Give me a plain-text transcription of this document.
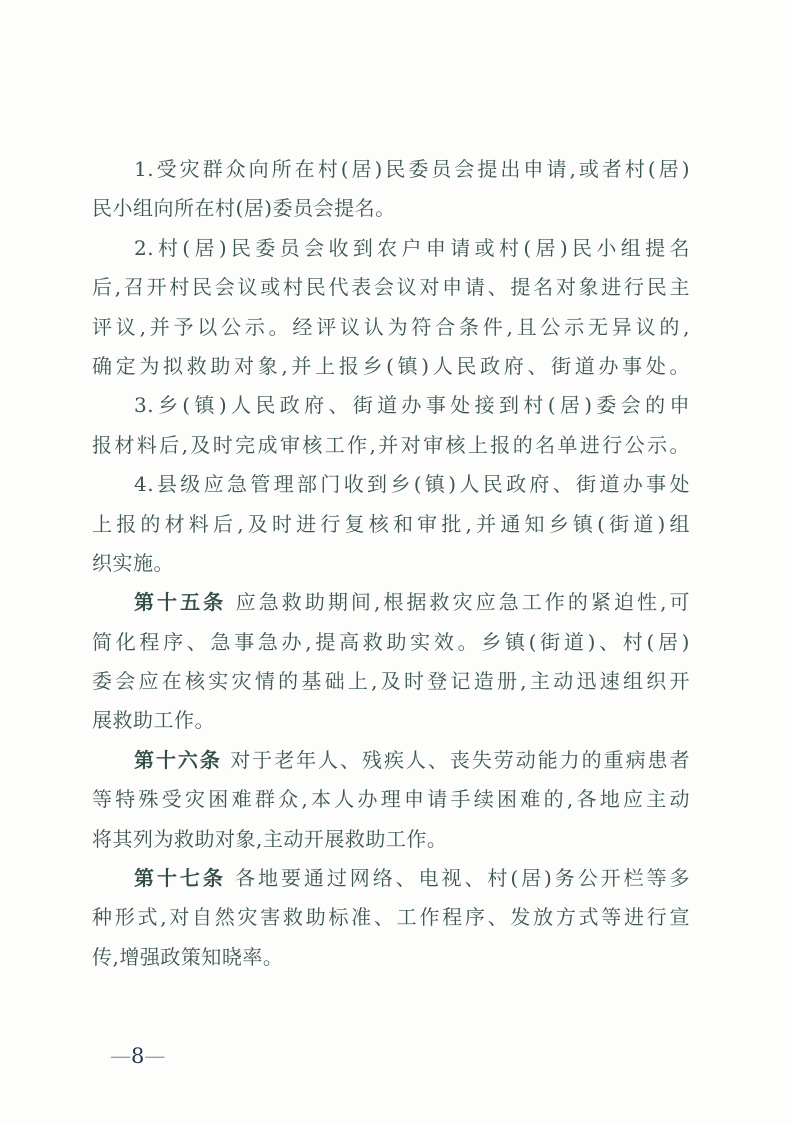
1.受灾群众向所在村(居)民委员会提出申请,或者村(居)
民小组向所在村(居)委员会提名。
2.村(居)民委员会收到农户申请或村(居)民小组提名
后,召开村民会议或村民代表会议对申请、提名对象进行民主
评议,并予以公示。经评议认为符合条件,且公示无异议的,
确定为拟救助对象,并上报乡(镇)人民政府、街道办事处。
3.乡(镇)人民政府、街道办事处接到村(居)委会的申
报材料后,及时完成审核工作,并对审核上报的名单进行公示。
4.县级应急管理部门收到乡(镇)人民政府、街道办事处
上报的材料后,及时进行复核和审批,并通知乡镇(街道)组
织实施。
第十五条 应急救助期间,根据救灾应急工作的紧迫性,可
简化程序、急事急办,提高救助实效。乡镇(街道)、村(居)
委会应在核实灾情的基础上,及时登记造册,主动迅速组织开
展救助工作。
第十六条 对于老年人、残疾人、丧失劳动能力的重病患者
等特殊受灾困难群众,本人办理申请手续困难的,各地应主动
将其列为救助对象,主动开展救助工作。
第十七条 各地要通过网络、电视、村(居)务公开栏等多
种形式,对自然灾害救助标准、工作程序、发放方式等进行宣
传,增强政策知晓率。
—8—
